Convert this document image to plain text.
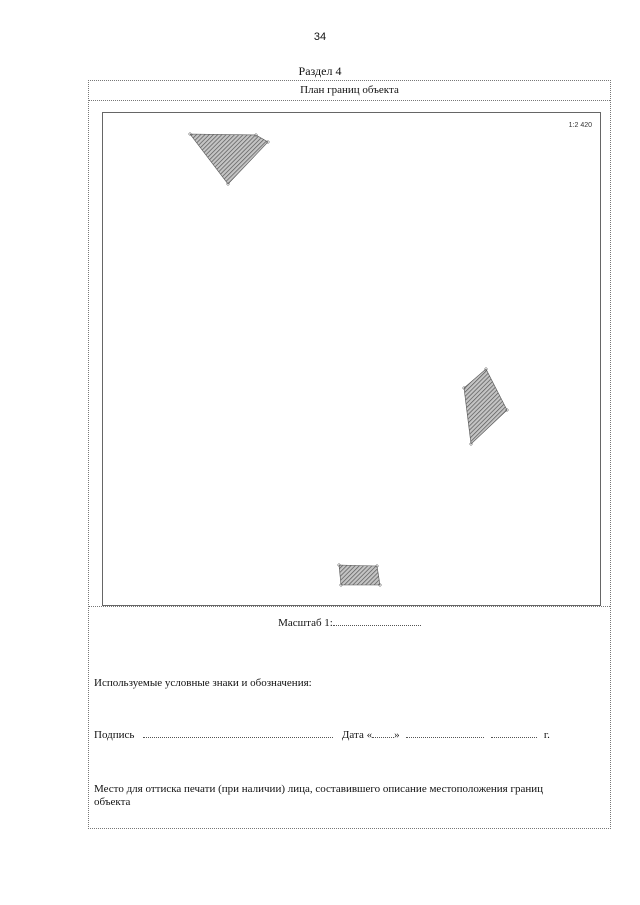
34
Раздел 4
План границ объекта
1:2 420
Масштаб 1:
Используемые условные знаки и обозначения:
Подпись	Дата « »	г.
Место для оттиска печати (при наличии) лица, составившего описание местоположения границ объекта
